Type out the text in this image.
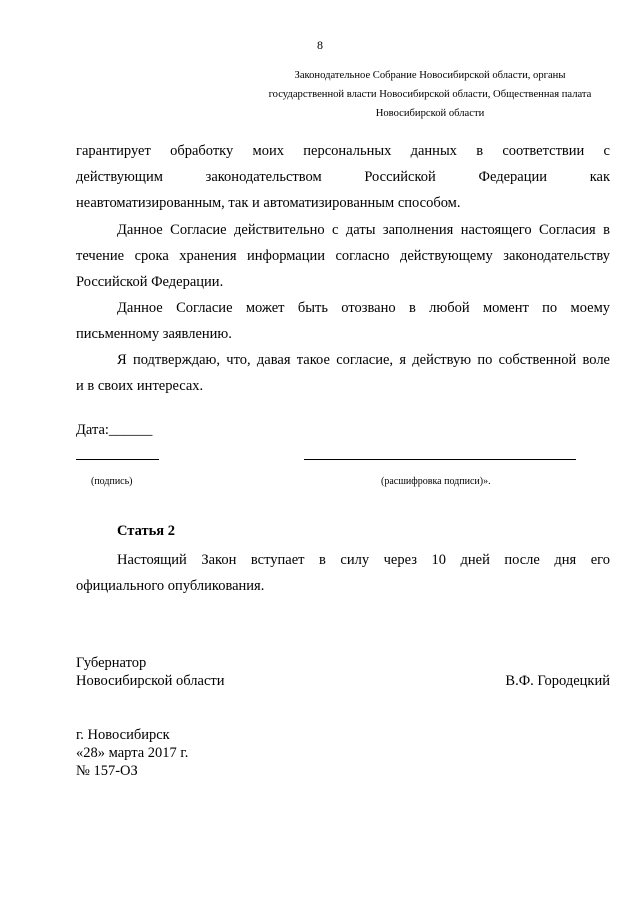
8
Законодательное Собрание Новосибирской области, органы
государственной власти Новосибирской области, Общественная палата
Новосибирской области
гарантирует обработку моих персональных данных в соответствии с
действующим законодательством Российской Федерации как
неавтоматизированным, так и автоматизированным способом.
Данное Согласие действительно с даты заполнения настоящего Согласия в
течение срока хранения информации согласно действующему законодательству
Российской Федерации.
Данное Согласие может быть отозвано в любой момент по моему
письменному заявлению.
Я подтверждаю, что, давая такое согласие, я действую по собственной воле
и в своих интересах.
Дата:______
(подпись)	(расшифровка подписи)».
Статья 2
Настоящий Закон вступает в силу через 10 дней после дня его
официального опубликования.
Губернатор
Новосибирской области	В.Ф. Городецкий
г. Новосибирск
«28» марта 2017 г.
№ 157-ОЗ
